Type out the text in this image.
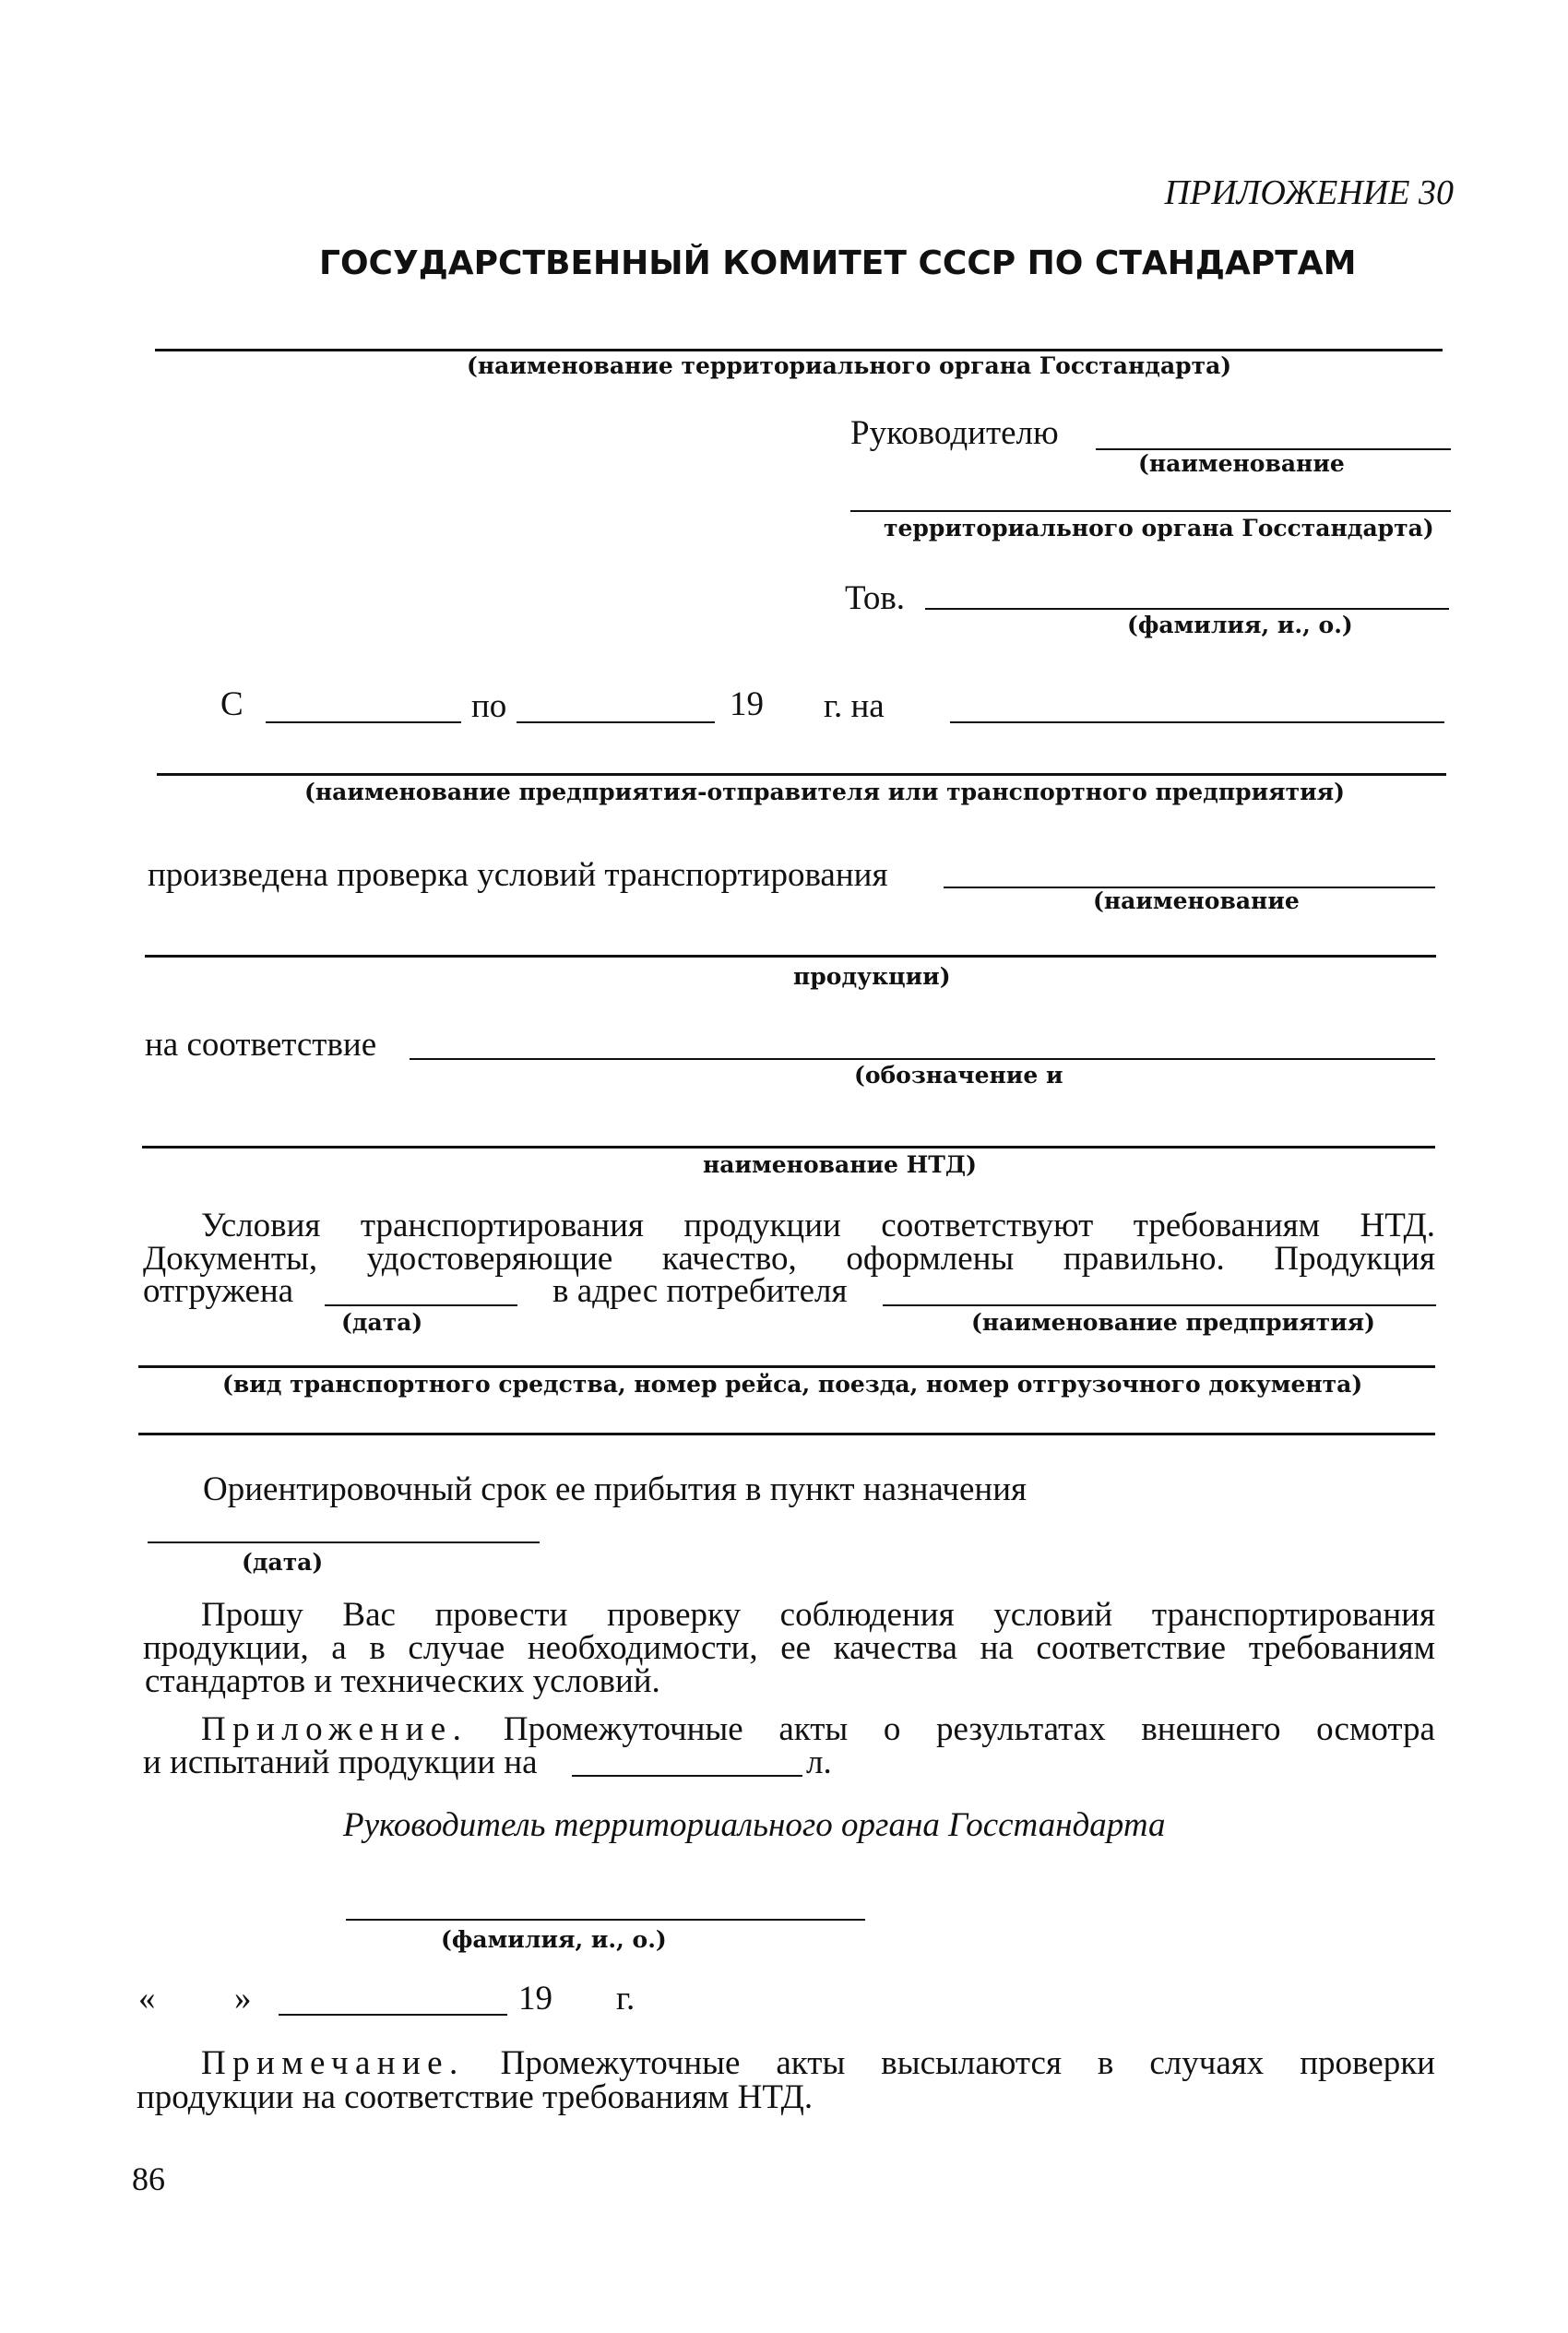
ПРИЛОЖЕНИЕ 30
ГОСУДАРСТВЕННЫЙ КОМИТЕТ СССР ПО СТАНДАРТАМ
(наименование территориального органа Госстандарта)
Руководителю
(наименование
территориального органа Госстандарта)
Тов.
(фамилия, и., о.)
С	по	19 г. на
(наименование предприятия-отправителя или транспортного предприятия)
произведена проверка условий транспортирования
(наименование
продукции)
на соответствие
(обозначение и
наименование НТД)
Условия транспортирования продукции соответствуют требованиям НТД.
Документы, удостоверяющие качество, оформлены правильно. Продукция
отгружена
(дата)
в адрес потребителя
(наименование предприятия)
(вид транспортного средства, номер рейса, поезда, номер отгрузочного документа)
Ориентировочный срок ее прибытия в пункт назначения
(дата)
Прошу Вас провести проверку соблюдения условий транспортирования
продукции, а в случае необходимости, ее качества на соответствие требованиям
стандартов и технических условий.
Приложение. Промежуточные акты о результатах внешнего осмотра
и испытаний продукции на	л.
Руководитель территориального органа Госстандарта
(фамилия, и., о.)
« »	19 г.
Примечание. Промежуточные акты высылаются в случаях проверки
продукции на соответствие требованиям НТД.
86
